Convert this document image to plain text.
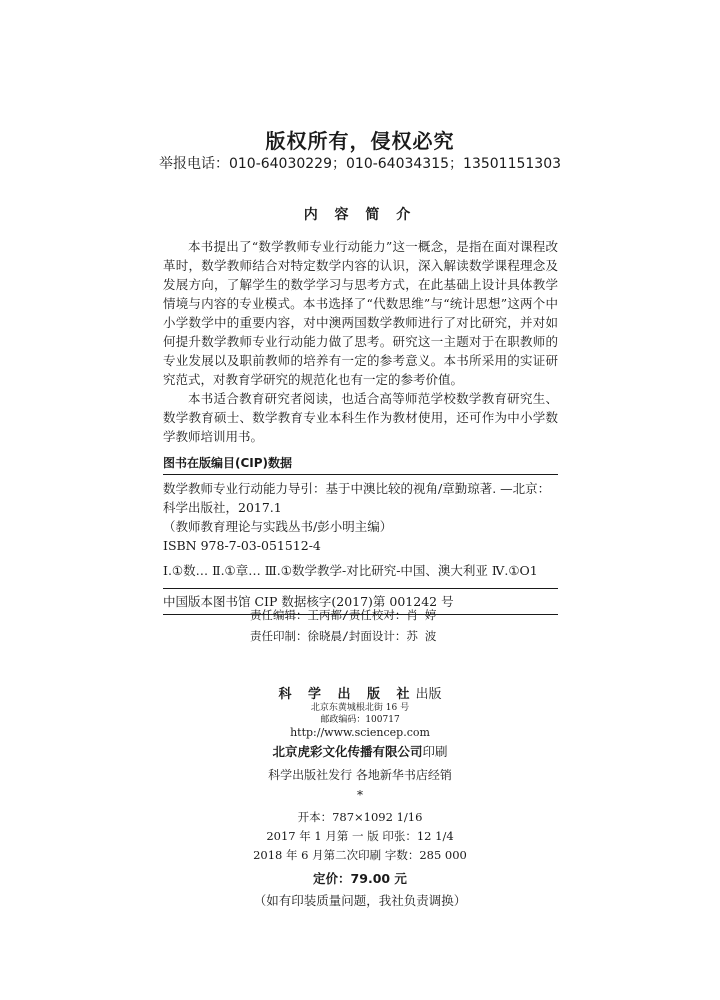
版权所有，侵权必究
举报电话：010-64030229；010-64034315；13501151303
内 容 简 介

本书提出了“数学教师专业行动能力”这一概念，是指在面对课程改革时，数学教师结合对特定数学内容的认识，深入解读数学课程理念及发展方向，了解学生的数学学习与思考方式，在此基础上设计具体教学情境与内容的专业模式。本书选择了“代数思维”与“统计思想”这两个中小学数学中的重要内容，对中澳两国数学教师进行了对比研究，并对如何提升数学教师专业行动能力做了思考。研究这一主题对于在职教师的专业发展以及职前教师的培养有一定的参考意义。本书所采用的实证研究范式，对教育学研究的规范化也有一定的参考价值。

本书适合教育研究者阅读，也适合高等师范学校数学教育研究生、数学教育硕士、数学教育专业本科生作为教材使用，还可作为中小学数学教师培训用书。

图书在版编目(CIP)数据
数学教师专业行动能力导引：基于中澳比较的视角/章勤琼著. —北京：科学出版社，2017.1
（教师教育理论与实践丛书/彭小明主编）
ISBN 978-7-03-051512-4
Ⅰ.①数… Ⅱ.①章… Ⅲ.①数学教学-对比研究-中国、澳大利亚 Ⅳ.①O1
中国版本图书馆 CIP 数据核字(2017)第 001242 号
责任编辑：王丙都/责任校对：肖 婷
责任印制：徐晓晨/封面设计：苏 波
科 学 出 版 社出版
北京东黄城根北街 16 号
邮政编码：100717
http://www.sciencep.com
北京虎彩文化传播有限公司印刷
科学出版社发行 各地新华书店经销
*
开本：787×1092 1/16
2017 年 1 月第 一 版 印张：12 1/4
2018 年 6 月第二次印刷 字数：285 000
定价：79.00 元
（如有印装质量问题，我社负责调换）
